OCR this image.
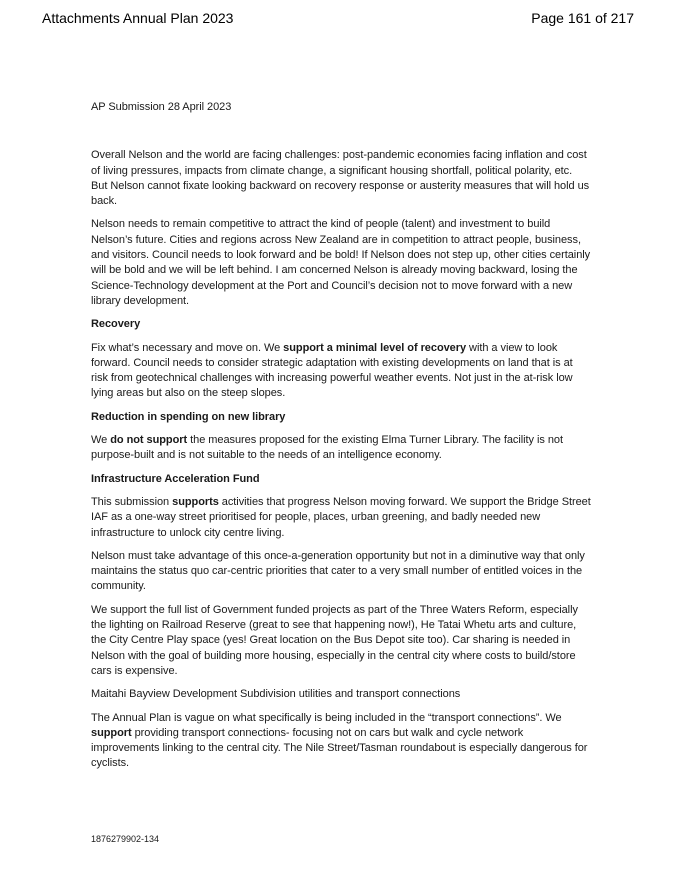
Attachments Annual Plan 2023	Page 161 of 217

AP Submission 28 April 2023

Overall Nelson and the world are facing challenges: post-pandemic economies facing inflation and cost of living pressures, impacts from climate change, a significant housing shortfall, political polarity, etc. But Nelson cannot fixate looking backward on recovery response or austerity measures that will hold us back.

Nelson needs to remain competitive to attract the kind of people (talent) and investment to build Nelson’s future. Cities and regions across New Zealand are in competition to attract people, business, and visitors. Council needs to look forward and be bold! If Nelson does not step up, other cities certainly will be bold and we will be left behind. I am concerned Nelson is already moving backward, losing the Science-Technology development at the Port and Council’s decision not to move forward with a new library development.

Recovery

Fix what’s necessary and move on. We support a minimal level of recovery with a view to look forward. Council needs to consider strategic adaptation with existing developments on land that is at risk from geotechnical challenges with increasing powerful weather events. Not just in the at-risk low lying areas but also on the steep slopes.

Reduction in spending on new library

We do not support the measures proposed for the existing Elma Turner Library. The facility is not purpose-built and is not suitable to the needs of an intelligence economy.

Infrastructure Acceleration Fund

This submission supports activities that progress Nelson moving forward. We support the Bridge Street IAF as a one-way street prioritised for people, places, urban greening, and badly needed new infrastructure to unlock city centre living.

Nelson must take advantage of this once-a-generation opportunity but not in a diminutive way that only maintains the status quo car-centric priorities that cater to a very small number of entitled voices in the community.

We support the full list of Government funded projects as part of the Three Waters Reform, especially the lighting on Railroad Reserve (great to see that happening now!), He Tatai Whetu arts and culture, the City Centre Play space (yes! Great location on the Bus Depot site too). Car sharing is needed in Nelson with the goal of building more housing, especially in the central city where costs to build/store cars is expensive.

Maitahi Bayview Development Subdivision utilities and transport connections

The Annual Plan is vague on what specifically is being included in the “transport connections”. We support providing transport connections- focusing not on cars but walk and cycle network improvements linking to the central city. The Nile Street/Tasman roundabout is especially dangerous for cyclists.

1876279902-134
